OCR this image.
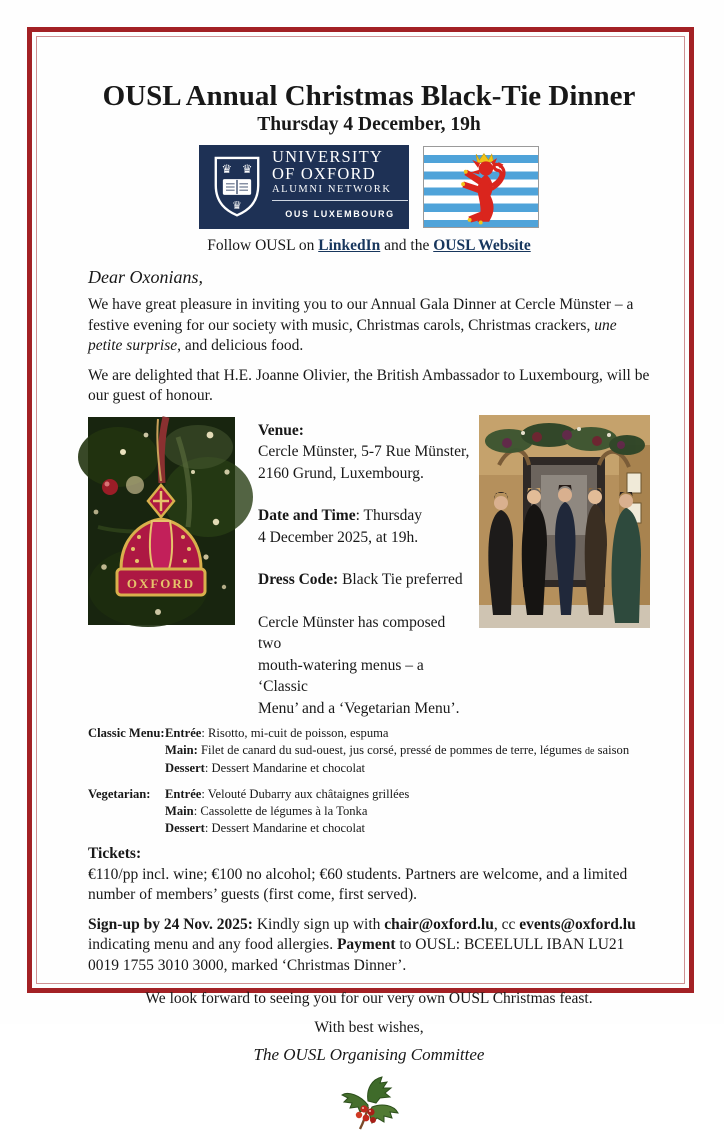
OUSL Annual Christmas Black-Tie Dinner
Thursday 4 December, 19h
♛ ♛
♛
UNIVERSITY
OF OXFORD
ALUMNI NETWORK
OUS LUXEMBOURG
Follow OUSL on LinkedIn and the OUSL Website
Dear Oxonians,
We have great pleasure in inviting you to our Annual Gala Dinner at Cercle Münster – a festive evening for our society with music, Christmas carols, Christmas crackers, une petite surprise, and delicious food.
We are delighted that H.E. Joanne Olivier, the British Ambassador to Luxembourg, will be our guest of honour.
OXFORD
Venue:
Cercle Münster, 5-7 Rue Münster,
2160 Grund, Luxembourg.
Date and Time: Thursday
4 December 2025, at 19h.
Dress Code: Black Tie preferred
Cercle Münster has composed two
mouth-watering menus – a ‘Classic
Menu’ and a ‘Vegetarian Menu’.
Classic Menu: Entrée: Risotto, mi-cuit de poisson, espuma
Main: Filet de canard du sud-ouest, jus corsé, pressé de pommes de terre, légumes de saison
Dessert: Dessert Mandarine et chocolat
Vegetarian:	Entrée: Velouté Dubarry aux châtaignes grillées
Main: Cassolette de légumes à la Tonka
Dessert: Dessert Mandarine et chocolat
Tickets:
€110/pp incl. wine; €100 no alcohol; €60 students. Partners are welcome, and a limited number of members’ guests (first come, first served).
Sign-up by 24 Nov. 2025: Kindly sign up with chair@oxford.lu, cc events@oxford.lu indicating menu and any food allergies. Payment to OUSL: BCEELULL IBAN LU21 0019 1755 3010 3000, marked ‘Christmas Dinner’.
We look forward to seeing you for our very own OUSL Christmas feast.
With best wishes,
The OUSL Organising Committee
